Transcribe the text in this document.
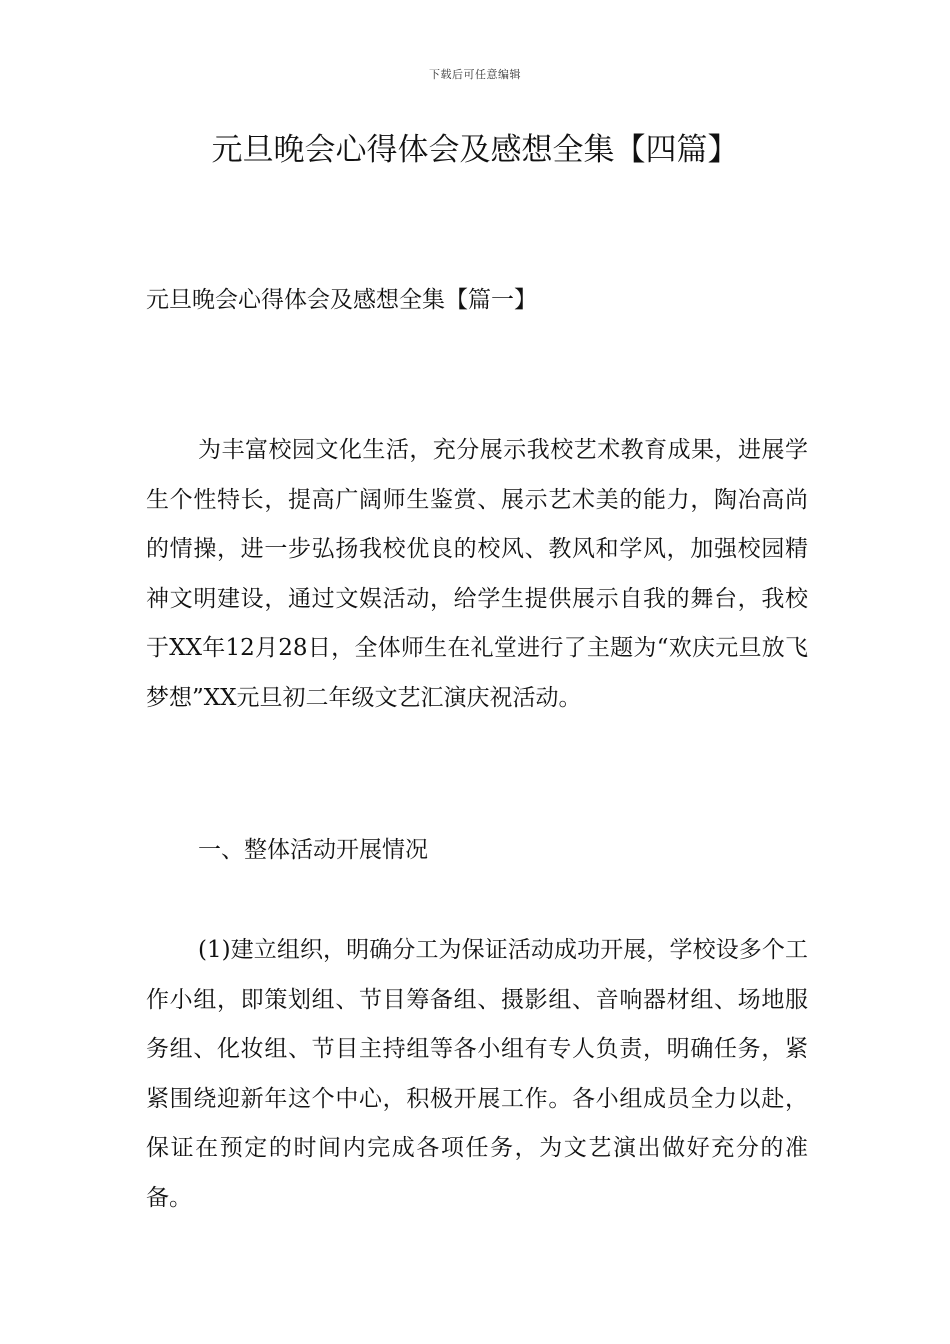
下载后可任意编辑
元旦晚会心得体会及感想全集【四篇】
元旦晚会心得体会及感想全集【篇一】

为丰富校园文化生活，充分展示我校艺术教育成果，进展学生个性特长，提高广阔师生鉴赏、展示艺术美的能力，陶冶高尚的情操，进一步弘扬我校优良的校风、教风和学风，加强校园精神文明建设，通过文娱活动，给学生提供展示自我的舞台，我校于XX年12月28日，全体师生在礼堂进行了主题为“欢庆元旦放飞梦想”XX元旦初二年级文艺汇演庆祝活动。

一、整体活动开展情况

(1)建立组织，明确分工为保证活动成功开展，学校设多个工作小组，即策划组、节目筹备组、摄影组、音响器材组、场地服务组、化妆组、节目主持组等各小组有专人负责，明确任务，紧紧围绕迎新年这个中心，积极开展工作。各小组成员全力以赴，保证在预定的时间内完成各项任务，为文艺演出做好充分的准备。
